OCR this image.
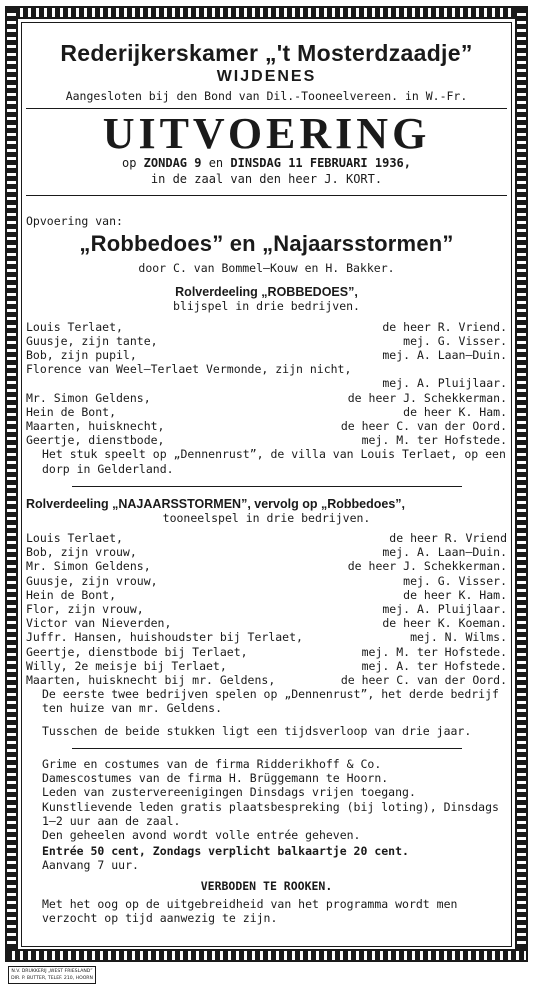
Rederijkerskamer „'t Mosterdzaadje”
WIJDENES
Aangesloten bij den Bond van Dil.-Tooneelvereen. in W.-Fr.
UITVOERING
op ZONDAG 9 en DINSDAG 11 FEBRUARI 1936,
in de zaal van den heer J. KORT.
Opvoering van:
„Robbedoes” en „Najaarsstormen”
door C. van Bommel—Kouw en H. Bakker.
Rolverdeeling „ROBBEDOES”,
blijspel in drie bedrijven.
Louis Terlaet,	de heer R. Vriend.
Guusje, zijn tante,	mej. G. Visser.
Bob, zijn pupil,	mej. A. Laan—Duin.
Florence van Weel—Terlaet Vermonde, zijn nicht,
mej. A. Pluijlaar.
Mr. Simon Geldens,	de heer J. Schekkerman.
Hein de Bont,	de heer K. Ham.
Maarten, huisknecht,	de heer C. van der Oord.
Geertje, dienstbode,	mej. M. ter Hofstede.
Het stuk speelt op „Dennenrust”, de villa van Louis Terlaet, op een dorp in Gelderland.
Rolverdeeling „NAJAARSSTORMEN”, vervolg op „Robbedoes”,
tooneelspel in drie bedrijven.
Louis Terlaet,	de heer R. Vriend
Bob, zijn vrouw,	mej. A. Laan—Duin.
Mr. Simon Geldens,	de heer J. Schekkerman.
Guusje, zijn vrouw,	mej. G. Visser.
Hein de Bont,	de heer K. Ham.
Flor, zijn vrouw,	mej. A. Pluijlaar.
Victor van Nieverden,	de heer K. Koeman.
Juffr. Hansen, huishoudster bij Terlaet,	mej. N. Wilms.
Geertje, dienstbode bij Terlaet,	mej. M. ter Hofstede.
Willy, 2e meisje bij Terlaet,	mej. A. ter Hofstede.
Maarten, huisknecht bij mr. Geldens,	de heer C. van der Oord.
De eerste twee bedrijven spelen op „Dennenrust”, het derde bedrijf ten huize van mr. Geldens.
Tusschen de beide stukken ligt een tijdsverloop van drie jaar.
Grime en costumes van de firma Ridderikhoff & Co.
Damescostumes van de firma H. Brüggemann te Hoorn.
Leden van zustervereenigingen Dinsdags vrijen toegang.
Kunstlievende leden gratis plaatsbespreking (bij loting), Dinsdags 1—2 uur aan de zaal.
Den geheelen avond wordt volle entrée geheven.
Entrée 50 cent, Zondags verplicht balkaartje 20 cent.
Aanvang 7 uur.
VERBODEN TE ROOKEN.
Met het oog op de uitgebreidheid van het programma wordt men verzocht op tijd aanwezig te zijn.
N.V. DRUKKERIJ „WEST FRIESLAND”
DIR. P. BUTTER, TELEF. 210, HOORN
